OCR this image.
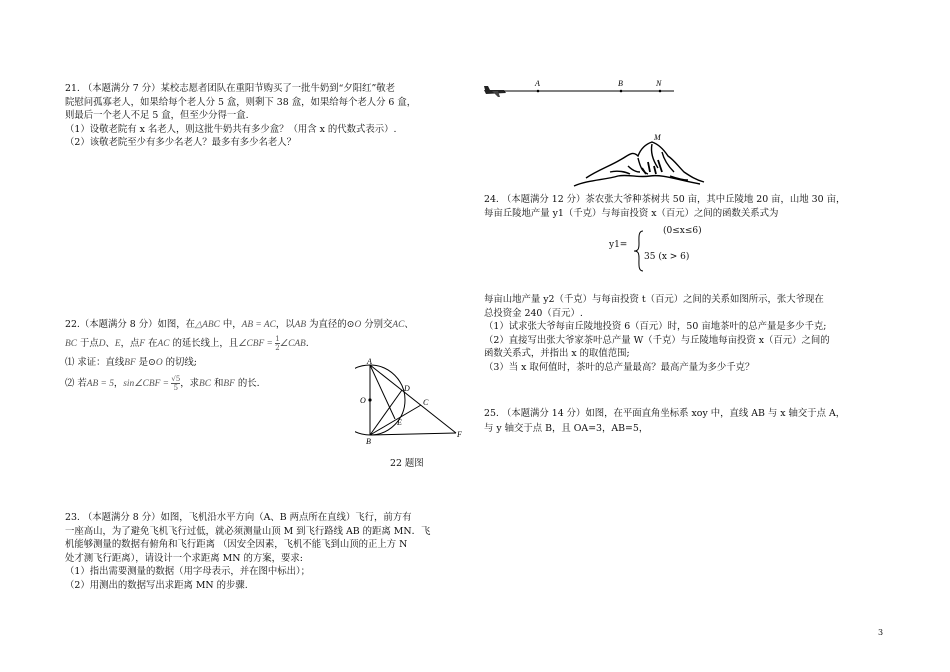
21. （本题满分 7 分）某校志愿者团队在重阳节购买了一批牛奶到“夕阳红”敬老
院慰问孤寡老人，如果给每个老人分 5 盒，则剩下 38 盒，如果给每个老人分 6 盒，
则最后一个老人不足 5 盒，但至少分得一盒.
（1）设敬老院有 x 名老人，则这批牛奶共有多少盒？（用含 x 的代数式表示）.
（2）该敬老院至少有多少名老人？最多有多少名老人？
22.（本题满分 8 分）如图，在△ABC 中，AB = AC，以AB 为直径的⊙O 分别交AC、
BC 于点D、E，点F 在AC 的延长线上，且∠CBF = $\frac{1}{2}$ ∠CAB.
⑴ 求证：直线BF 是⊙O 的切线;
⑵ 若AB = 5，sin∠CBF = $\frac{√5}{5}$ ，求BC 和BF 的长.
A
O
D
C
E
B
F
22 题图
23. （本题满分 8 分）如图，飞机沿水平方向（A、B 两点所在直线）飞行，前方有
一座高山，为了避免飞机飞行过低，就必须测量山顶 M 到飞行路线 AB 的距离 MN．飞
机能够测量的数据有俯角和飞行距离 （因安全因素，飞机不能飞到山顶的正上方 N
处才测飞行距离），请设计一个求距离 MN 的方案，要求:
（1）指出需要测量的数据（用字母表示，并在图中标出）；
（2）用测出的数据写出求距离 MN 的步骤.
A	B	N
M
24. （本题满分 12 分）茶农张大爷种茶树共 50 亩，其中丘陵地 20 亩，山地 30 亩，
每亩丘陵地产量 y1（千克）与每亩投资 x（百元）之间的函数关系式为
y1=
(0≤x≤6)
35 (x > 6)
每亩山地产量 y2（千克）与每亩投资 t（百元）之间的关系如图所示，张大爷现在
总投资金 240（百元）.
（1）试求张大爷每亩丘陵地投资 6（百元）时，50 亩地茶叶的总产量是多少千克;
（2）直接写出张大爷家茶叶总产量 W（千克）与丘陵地每亩投资 x（百元）之间的
函数关系式，并指出 x 的取值范围;
（3）当 x 取何值时，茶叶的总产量最高？最高产量为多少千克？
25. （本题满分 14 分）如图，在平面直角坐标系 xoy 中，直线 AB 与 x 轴交于点 A，
与 y 轴交于点 B，且 OA=3，AB=5，
3
